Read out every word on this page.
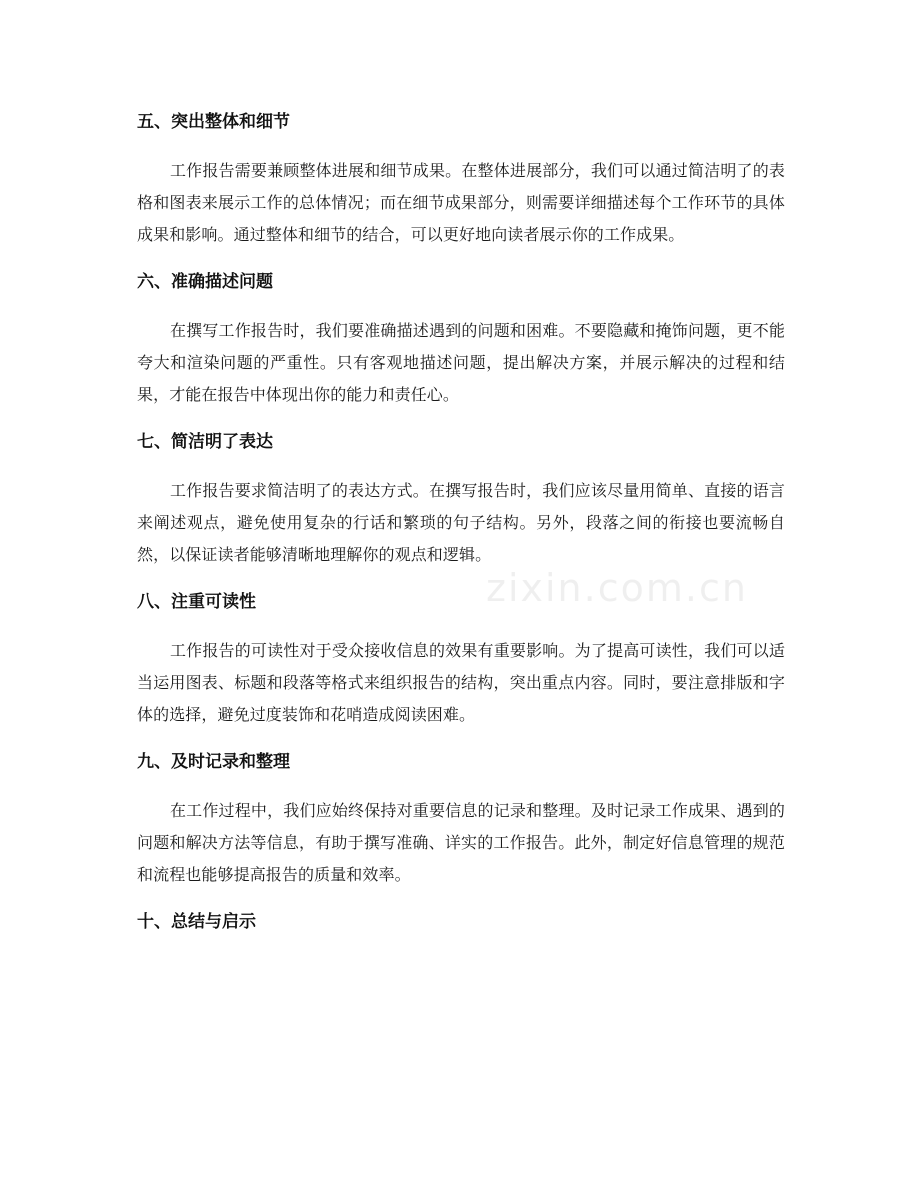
五、突出整体和细节

工作报告需要兼顾整体进展和细节成果。在整体进展部分，我们可以通过简洁明了的表格和图表来展示工作的总体情况；而在细节成果部分，则需要详细描述每个工作环节的具体成果和影响。通过整体和细节的结合，可以更好地向读者展示你的工作成果。

六、准确描述问题

在撰写工作报告时，我们要准确描述遇到的问题和困难。不要隐藏和掩饰问题，更不能夸大和渲染问题的严重性。只有客观地描述问题，提出解决方案，并展示解决的过程和结果，才能在报告中体现出你的能力和责任心。

七、简洁明了表达

工作报告要求简洁明了的表达方式。在撰写报告时，我们应该尽量用简单、直接的语言来阐述观点，避免使用复杂的行话和繁琐的句子结构。另外，段落之间的衔接也要流畅自然，以保证读者能够清晰地理解你的观点和逻辑。

八、注重可读性

工作报告的可读性对于受众接收信息的效果有重要影响。为了提高可读性，我们可以适当运用图表、标题和段落等格式来组织报告的结构，突出重点内容。同时，要注意排版和字体的选择，避免过度装饰和花哨造成阅读困难。

九、及时记录和整理

在工作过程中，我们应始终保持对重要信息的记录和整理。及时记录工作成果、遇到的问题和解决方法等信息，有助于撰写准确、详实的工作报告。此外，制定好信息管理的规范和流程也能够提高报告的质量和效率。

十、总结与启示
zixin.com.cn
